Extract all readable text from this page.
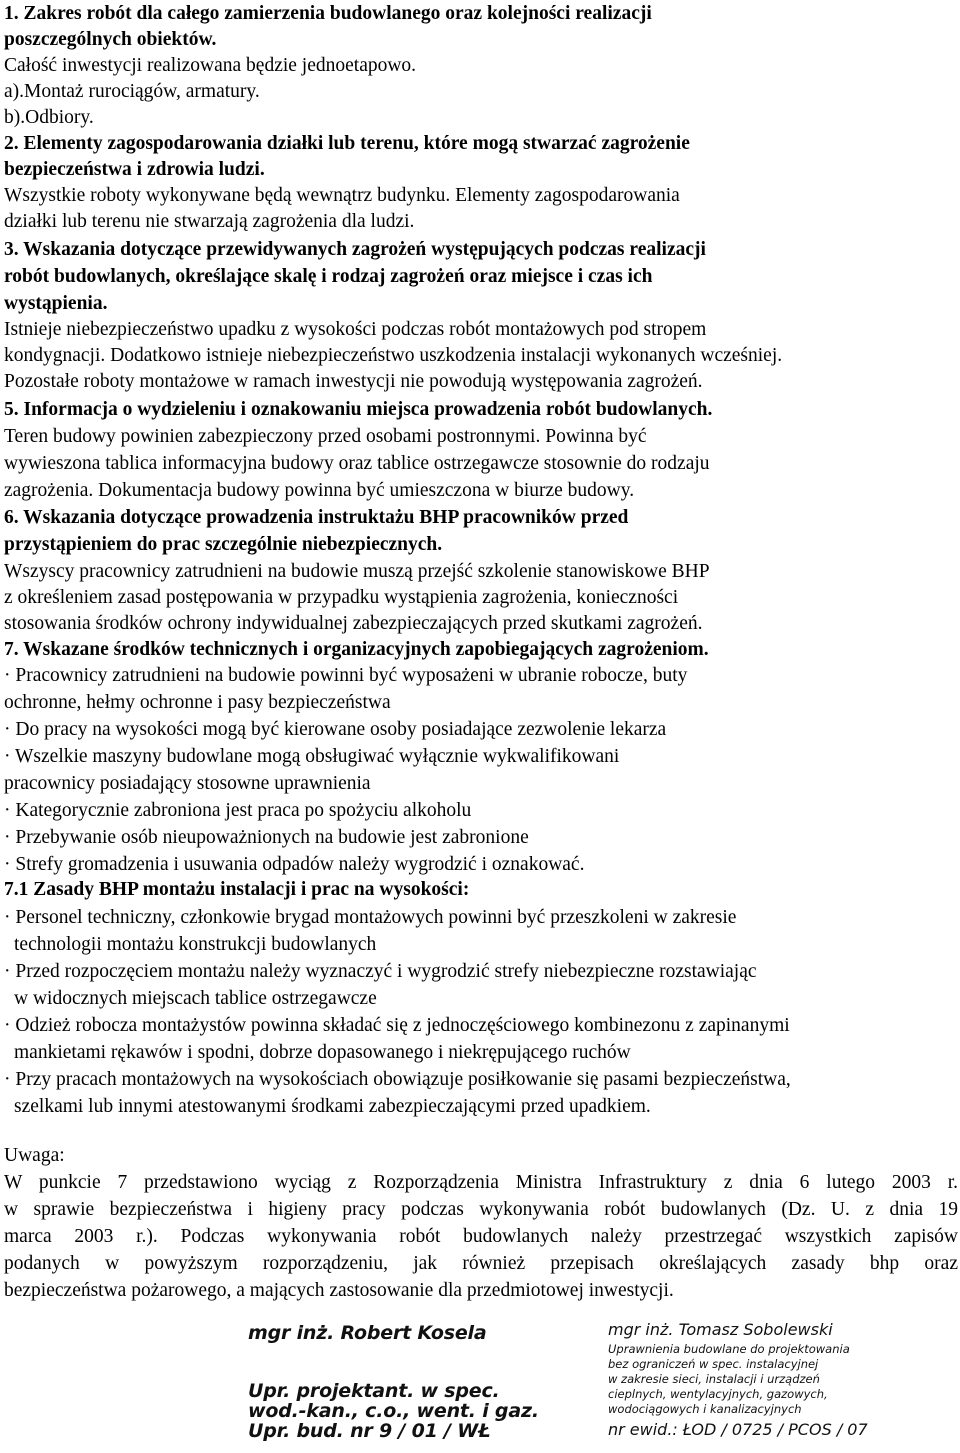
1. Zakres robót dla całego zamierzenia budowlanego oraz kolejności realizacji
poszczególnych obiektów.
Całość inwestycji realizowana będzie jednoetapowo.
a).Montaż rurociągów, armatury.
b).Odbiory.
2. Elementy zagospodarowania działki lub terenu, które mogą stwarzać zagrożenie
bezpieczeństwa i zdrowia ludzi.
Wszystkie roboty wykonywane będą wewnątrz budynku. Elementy zagospodarowania
działki lub terenu nie stwarzają zagrożenia dla ludzi.
3. Wskazania dotyczące przewidywanych zagrożeń występujących podczas realizacji
robót budowlanych, określające skalę i rodzaj zagrożeń oraz miejsce i czas ich
wystąpienia.
Istnieje niebezpieczeństwo upadku z wysokości podczas robót montażowych pod stropem
kondygnacji. Dodatkowo istnieje niebezpieczeństwo uszkodzenia instalacji wykonanych wcześniej.
Pozostałe roboty montażowe w ramach inwestycji nie powodują występowania zagrożeń.
5. Informacja o wydzieleniu i oznakowaniu miejsca prowadzenia robót budowlanych.
Teren budowy powinien zabezpieczony przed osobami postronnymi. Powinna być
wywieszona tablica informacyjna budowy oraz tablice ostrzegawcze stosownie do rodzaju
zagrożenia. Dokumentacja budowy powinna być umieszczona w biurze budowy.
6. Wskazania dotyczące prowadzenia instruktażu BHP pracowników przed
przystąpieniem do prac szczególnie niebezpiecznych.
Wszyscy pracownicy zatrudnieni na budowie muszą przejść szkolenie stanowiskowe BHP
z określeniem zasad postępowania w przypadku wystąpienia zagrożenia, konieczności
stosowania środków ochrony indywidualnej zabezpieczających przed skutkami zagrożeń.
7. Wskazane środków technicznych i organizacyjnych zapobiegających zagrożeniom.
· Pracownicy zatrudnieni na budowie powinni być wyposażeni w ubranie robocze, buty
ochronne, hełmy ochronne i pasy bezpieczeństwa
· Do pracy na wysokości mogą być kierowane osoby posiadające zezwolenie lekarza
· Wszelkie maszyny budowlane mogą obsługiwać wyłącznie wykwalifikowani
pracownicy posiadający stosowne uprawnienia
· Kategorycznie zabroniona jest praca po spożyciu alkoholu
· Przebywanie osób nieupoważnionych na budowie jest zabronione
· Strefy gromadzenia i usuwania odpadów należy wygrodzić i oznakować.
7.1 Zasady BHP montażu instalacji i prac na wysokości:
· Personel techniczny, członkowie brygad montażowych powinni być przeszkoleni w zakresie
technologii montażu konstrukcji budowlanych
· Przed rozpoczęciem montażu należy wyznaczyć i wygrodzić strefy niebezpieczne rozstawiając
w widocznych miejscach tablice ostrzegawcze
· Odzież robocza montażystów powinna składać się z jednoczęściowego kombinezonu z zapinanymi
mankietami rękawów i spodni, dobrze dopasowanego i niekrępującego ruchów
· Przy pracach montażowych na wysokościach obowiązuje posiłkowanie się pasami bezpieczeństwa,
szelkami lub innymi atestowanymi środkami zabezpieczającymi przed upadkiem.
Uwaga:
W punkcie 7 przedstawiono wyciąg z Rozporządzenia Ministra Infrastruktury z dnia 6 lutego 2003 r.
w sprawie bezpieczeństwa i higieny pracy podczas wykonywania robót budowlanych (Dz. U. z dnia 19
marca 2003 r.). Podczas wykonywania robót budowlanych należy przestrzegać wszystkich zapisów
podanych w powyższym rozporządzeniu, jak również przepisach określających zasady bhp oraz
bezpieczeństwa pożarowego, a mających zastosowanie dla przedmiotowej inwestycji.
mgr inż. Robert Kosela
Upr. projektant. w spec.
wod.-kan., c.o., went. i gaz.
Upr. bud. nr 9 / 01 / WŁ
mgr inż. Tomasz Sobolewski
Uprawnienia budowlane do projektowania
bez ograniczeń w spec. instalacyjnej
w zakresie sieci, instalacji i urządzeń
cieplnych, wentylacyjnych, gazowych,
wodociągowych i kanalizacyjnych
nr ewid.: ŁOD / 0725 / PCOS / 07
